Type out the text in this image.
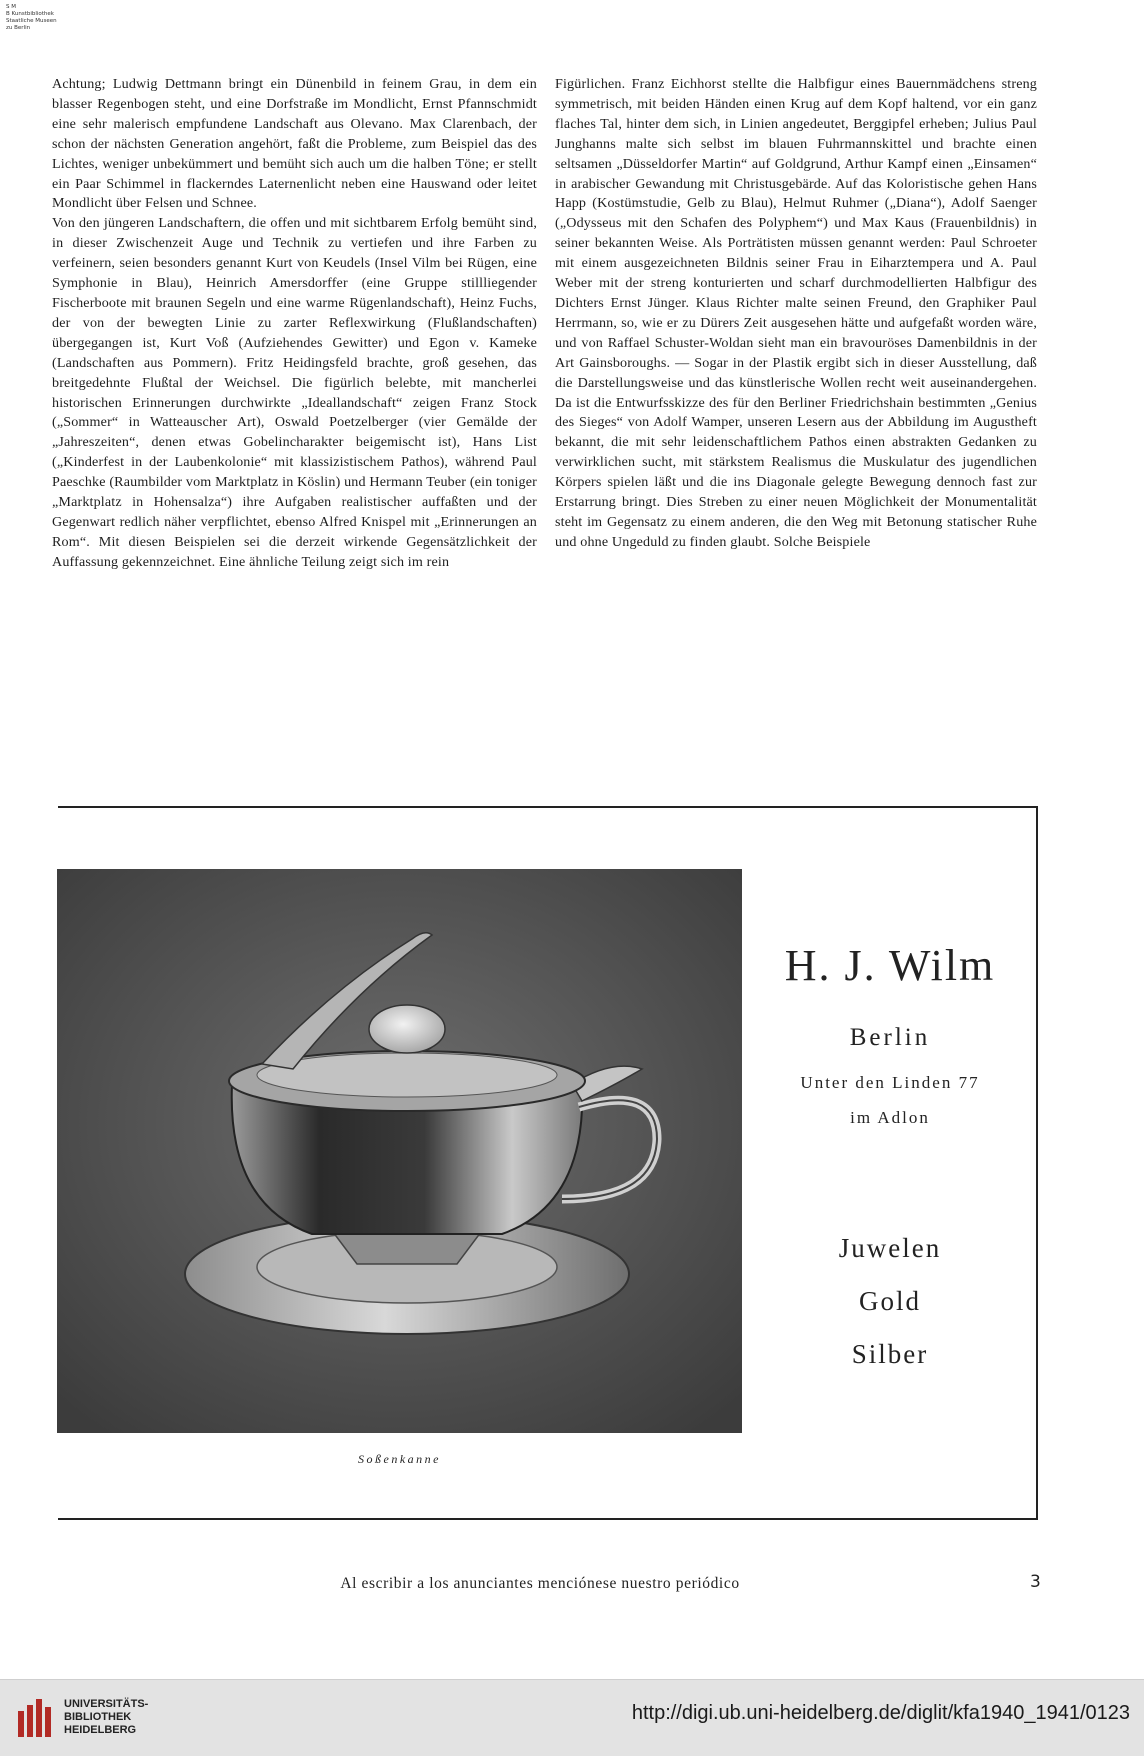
S M
B Kunstbibliothek
Staatliche Museen
zu Berlin

Achtung; Ludwig Dettmann bringt ein Dünenbild in feinem Grau, in dem ein blasser Regenbogen steht, und eine Dorfstraße im Mondlicht, Ernst Pfannschmidt eine sehr malerisch empfundene Landschaft aus Olevano. Max Clarenbach, der schon der nächsten Generation angehört, faßt die Probleme, zum Beispiel das des Lichtes, weniger unbekümmert und bemüht sich auch um die halben Töne; er stellt ein Paar Schimmel in flackerndes Laternenlicht neben eine Hauswand oder leitet Mondlicht über Felsen und Schnee.

Von den jüngeren Landschaftern, die offen und mit sichtbarem Erfolg bemüht sind, in dieser Zwischenzeit Auge und Technik zu vertiefen und ihre Farben zu verfeinern, seien besonders genannt Kurt von Keudels (Insel Vilm bei Rügen, eine Symphonie in Blau), Heinrich Amersdorffer (eine Gruppe stillliegender Fischerboote mit braunen Segeln und eine warme Rügenlandschaft), Heinz Fuchs, der von der bewegten Linie zu zarter Reflexwirkung (Flußlandschaften) übergegangen ist, Kurt Voß (Aufziehendes Gewitter) und Egon v. Kameke (Landschaften aus Pommern). Fritz Heidingsfeld brachte, groß gesehen, das breitgedehnte Flußtal der Weichsel. Die figürlich belebte, mit mancherlei historischen Erinnerungen durchwirkte „Ideallandschaft“ zeigen Franz Stock („Sommer“ in Watteauscher Art), Oswald Poetzelberger (vier Gemälde der „Jahreszeiten“, denen etwas Gobelincharakter beigemischt ist), Hans List („Kinderfest in der Laubenkolonie“ mit klassizistischem Pathos), während Paul Paeschke (Raumbilder vom Marktplatz in Köslin) und Hermann Teuber (ein toniger „Marktplatz in Hohensalza“) ihre Aufgaben realistischer auffaßten und der Gegenwart redlich näher verpflichtet, ebenso Alfred Knispel mit „Erinnerungen an Rom“. Mit diesen Beispielen sei die derzeit wirkende Gegensätzlichkeit der Auffassung gekennzeichnet. Eine ähnliche Teilung zeigt sich im rein

Figürlichen. Franz Eichhorst stellte die Halbfigur eines Bauernmädchens streng symmetrisch, mit beiden Händen einen Krug auf dem Kopf haltend, vor ein ganz flaches Tal, hinter dem sich, in Linien angedeutet, Berggipfel erheben; Julius Paul Junghanns malte sich selbst im blauen Fuhrmannskittel und brachte einen seltsamen „Düsseldorfer Martin“ auf Goldgrund, Arthur Kampf einen „Einsamen“ in arabischer Gewandung mit Christusgebärde. Auf das Koloristische gehen Hans Happ (Kostümstudie, Gelb zu Blau), Helmut Ruhmer („Diana“), Adolf Saenger („Odysseus mit den Schafen des Polyphem“) und Max Kaus (Frauenbildnis) in seiner bekannten Weise. Als Porträtisten müssen genannt werden: Paul Schroeter mit einem ausgezeichneten Bildnis seiner Frau in Eiharztempera und A. Paul Weber mit der streng konturierten und scharf durchmodellierten Halbfigur des Dichters Ernst Jünger. Klaus Richter malte seinen Freund, den Graphiker Paul Herrmann, so, wie er zu Dürers Zeit ausgesehen hätte und aufgefaßt worden wäre, und von Raffael Schuster-Woldan sieht man ein bravouröses Damenbildnis in der Art Gainsboroughs. — Sogar in der Plastik ergibt sich in dieser Ausstellung, daß die Darstellungsweise und das künstlerische Wollen recht weit auseinandergehen. Da ist die Entwurfsskizze des für den Berliner Friedrichshain bestimmten „Genius des Sieges“ von Adolf Wamper, unseren Lesern aus der Abbildung im Augustheft bekannt, die mit sehr leidenschaftlichem Pathos einen abstrakten Gedanken zu verwirklichen sucht, mit stärkstem Realismus die Muskulatur des jugendlichen Körpers spielen läßt und die ins Diagonale gelegte Bewegung dennoch fast zur Erstarrung bringt. Dies Streben zu einer neuen Möglichkeit der Monumentalität steht im Gegensatz zu einem anderen, die den Weg mit Betonung statischer Ruhe und ohne Ungeduld zu finden glaubt. Solche Beispiele

Soßenkanne
H. J. Wilm
Berlin
Unter den Linden 77
im Adlon
Juwelen
Gold
Silber
Al escribir a los anunciantes menciónese nuestro periódico	3
UNIVERSITÄTS-
BIBLIOTHEK
HEIDELBERG
http://digi.ub.uni-heidelberg.de/diglit/kfa1940_1941/0123
